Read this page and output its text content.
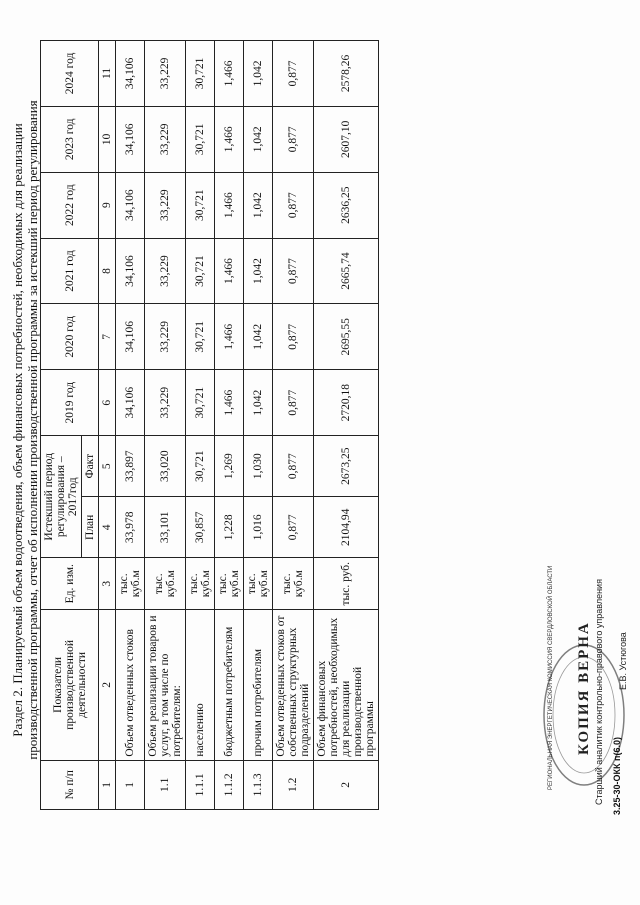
Раздел 2. Планируемый объем водоотведения, объем финансовых потребностей, необходимых для реализации производственной программы, отчет об исполнении производственной программы за истекший период регулирования
№ п/п	Показатели производственной деятельности	Ед. изм.	Истекший период регулирования – 2017год		2019 год	2020 год	2021 год	2022 год	2023 год	2024 год
			План	Факт						
1	2	3	4	5	6	7	8	9	10	11
1	Объем отведенных стоков	тыс. куб.м	33,978	33,897	34,106	34,106	34,106	34,106	34,106	34,106
1.1	Объем реализации товаров и услуг, в том числе по потребителям:	тыс. куб.м	33,101	33,020	33,229	33,229	33,229	33,229	33,229	33,229
1.1.1	населению	тыс. куб.м	30,857	30,721	30,721	30,721	30,721	30,721	30,721	30,721
1.1.2	бюджетным потребителям	тыс. куб.м	1,228	1,269	1,466	1,466	1,466	1,466	1,466	1,466
1.1.3	прочим потребителям	тыс. куб.м	1,016	1,030	1,042	1,042	1,042	1,042	1,042	1,042
1.2	Объем отведенных стоков от собственных структурных подразделений	тыс. куб.м	0,877	0,877	0,877	0,877	0,877	0,877	0,877	0,877
2	Объем финансовых потребностей, необходимых для реализации производственной программы	тыс. руб.	2104,94	2673,25	2720,18	2695,55	2665,74	2636,25	2607,10	2578,26
РЕГИОНАЛЬНАЯ ЭНЕРГЕТИЧЕСКАЯ КОМИССИЯ СВЕРДЛОВСКОЙ ОБЛАСТИ КОПИЯ ВЕРНА Старший аналитик контрольно-правового управления Е.В. Устюгова
3.25-30-ОКК п(6.0)
